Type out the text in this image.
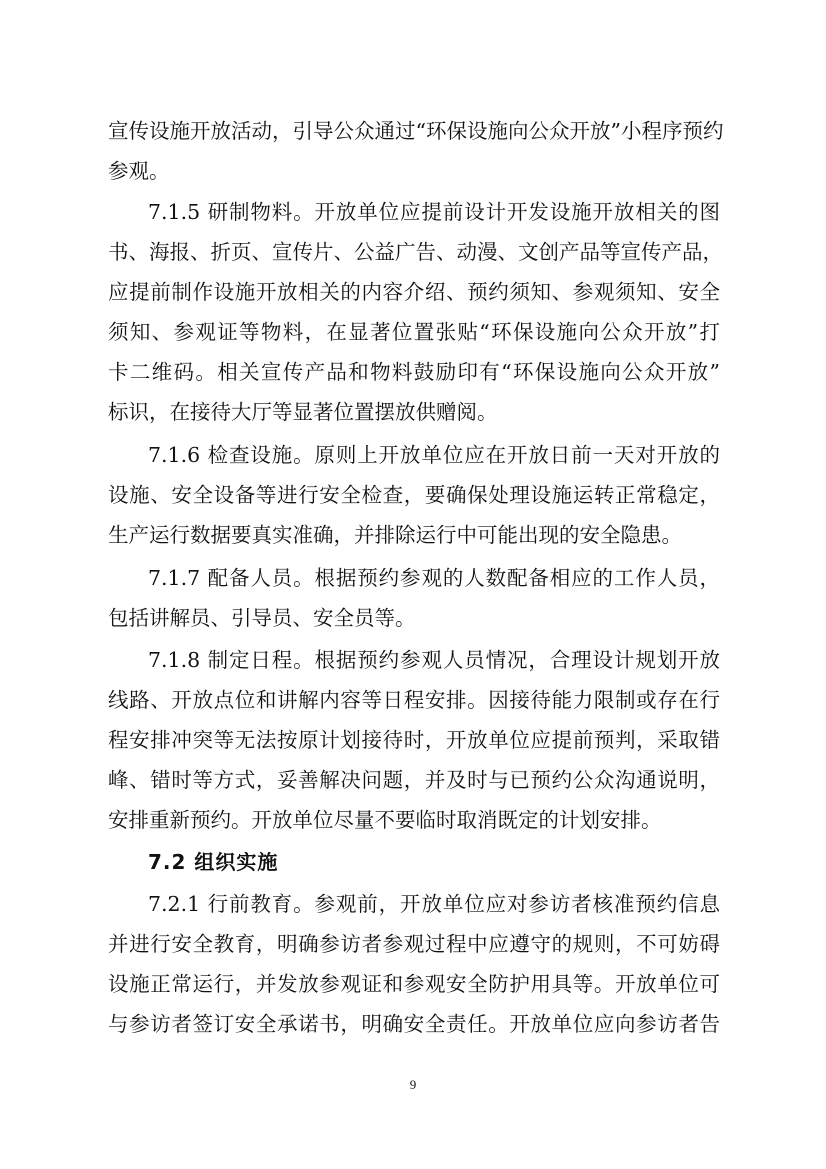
宣传设施开放活动，引导公众通过“环保设施向公众开放”小程序预约
参观。
7.1.5 研制物料。开放单位应提前设计开发设施开放相关的图
书、海报、折页、宣传片、公益广告、动漫、文创产品等宣传产品，
应提前制作设施开放相关的内容介绍、预约须知、参观须知、安全
须知、参观证等物料，在显著位置张贴“环保设施向公众开放”打
卡二维码。相关宣传产品和物料鼓励印有“环保设施向公众开放”
标识，在接待大厅等显著位置摆放供赠阅。
7.1.6 检查设施。原则上开放单位应在开放日前一天对开放的
设施、安全设备等进行安全检查，要确保处理设施运转正常稳定，
生产运行数据要真实准确，并排除运行中可能出现的安全隐患。
7.1.7 配备人员。根据预约参观的人数配备相应的工作人员，
包括讲解员、引导员、安全员等。
7.1.8 制定日程。根据预约参观人员情况，合理设计规划开放
线路、开放点位和讲解内容等日程安排。因接待能力限制或存在行
程安排冲突等无法按原计划接待时，开放单位应提前预判，采取错
峰、错时等方式，妥善解决问题，并及时与已预约公众沟通说明，
安排重新预约。开放单位尽量不要临时取消既定的计划安排。
7.2 组织实施
7.2.1 行前教育。参观前，开放单位应对参访者核准预约信息
并进行安全教育，明确参访者参观过程中应遵守的规则，不可妨碍
设施正常运行，并发放参观证和参观安全防护用具等。开放单位可
与参访者签订安全承诺书，明确安全责任。开放单位应向参访者告
9
